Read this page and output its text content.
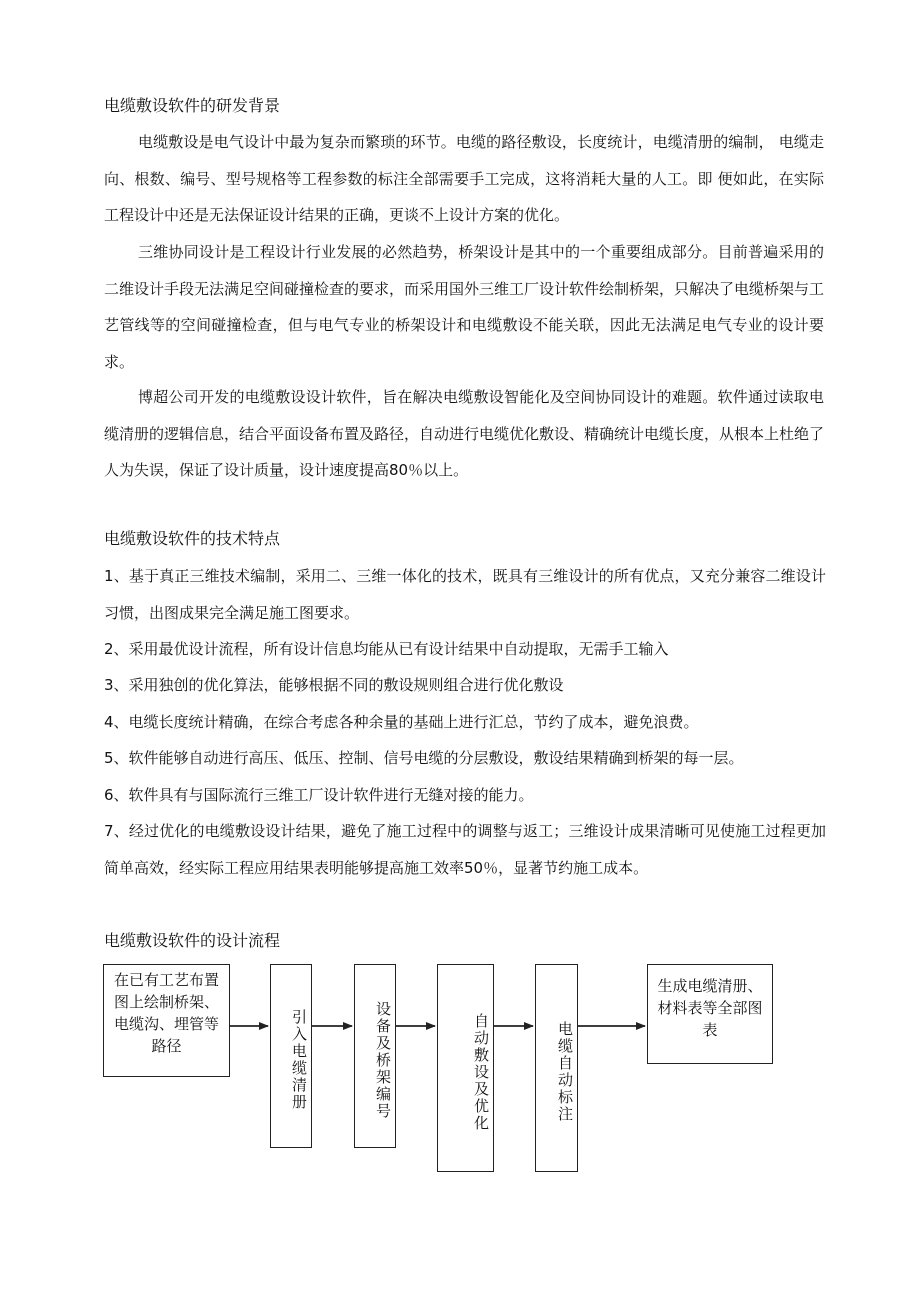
电缆敷设软件的研发背景
电缆敷设是电气设计中最为复杂而繁琐的环节。电缆的路径敷设，长度统计，电缆清册的编制， 电缆走向、根数、编号、型号规格等工程参数的标注全部需要手工完成，这将消耗大量的人工。即 便如此，在实际工程设计中还是无法保证设计结果的正确，更谈不上设计方案的优化。
三维协同设计是工程设计行业发展的必然趋势，桥架设计是其中的一个重要组成部分。目前普遍采用的二维设计手段无法满足空间碰撞检查的要求，而采用国外三维工厂设计软件绘制桥架，只解决了电缆桥架与工艺管线等的空间碰撞检查，但与电气专业的桥架设计和电缆敷设不能关联，因此无法满足电气专业的设计要求。
博超公司开发的电缆敷设设计软件，旨在解决电缆敷设智能化及空间协同设计的难题。软件通过读取电缆清册的逻辑信息，结合平面设备布置及路径，自动进行电缆优化敷设、精确统计电缆长度，从根本上杜绝了人为失误，保证了设计质量，设计速度提高80％以上。
电缆敷设软件的技术特点
1、基于真正三维技术编制，采用二、三维一体化的技术，既具有三维设计的所有优点，又充分兼容二维设计习惯，出图成果完全满足施工图要求。
2、采用最优设计流程，所有设计信息均能从已有设计结果中自动提取，无需手工输入
3、采用独创的优化算法，能够根据不同的敷设规则组合进行优化敷设
4、电缆长度统计精确，在综合考虑各种余量的基础上进行汇总，节约了成本，避免浪费。
5、软件能够自动进行高压、低压、控制、信号电缆的分层敷设，敷设结果精确到桥架的每一层。
6、软件具有与国际流行三维工厂设计软件进行无缝对接的能力。
7、经过优化的电缆敷设设计结果，避免了施工过程中的调整与返工；三维设计成果清晰可见使施工过程更加简单高效，经实际工程应用结果表明能够提高施工效率50％，显著节约施工成本。
电缆敷设软件的设计流程
在已有工艺布置图上绘制桥架、电缆沟、埋管等路径	引入电缆清册	设备及桥架编号	自动敷设及优化	电缆自动标注
生成电缆清册、材料表等全部图表
